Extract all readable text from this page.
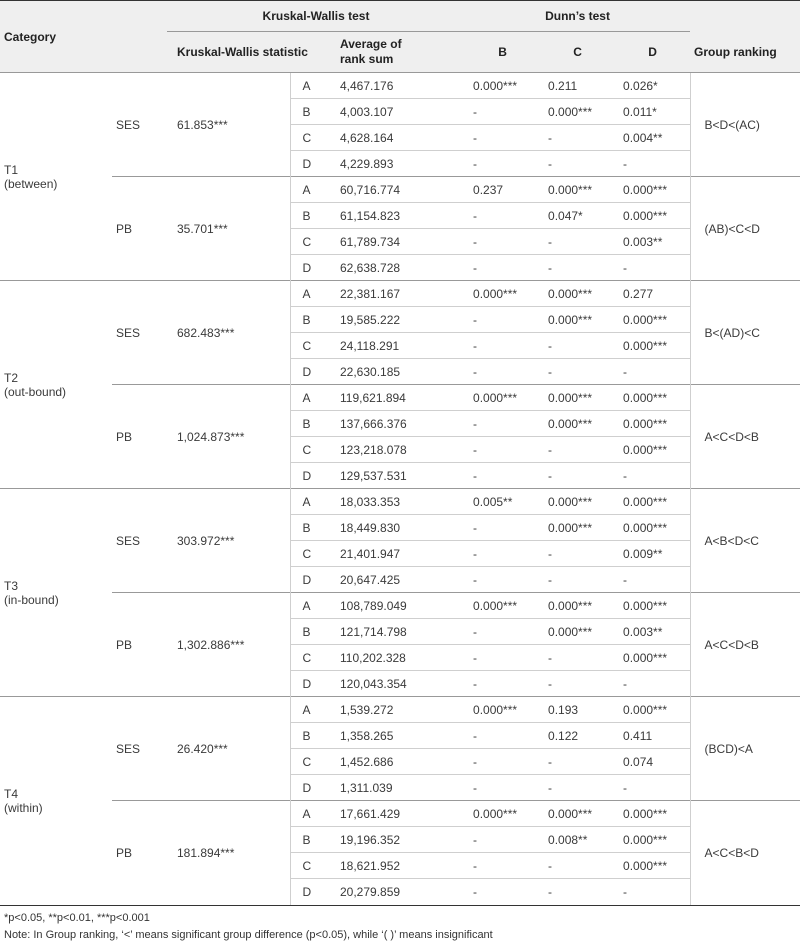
Category		Kruskal-Wallis test			Dunn’s test			
		Kruskal-Wallis statistic		Average of
rank sum	B	C	D	Group ranking

T1
(between)	SES	61.853***	A	4,467.176	0.000***	0.211	0.026*	B<D<(AC)
			B	4,003.107	-	0.000***	0.011*	
			C	4,628.164	-	-	0.004**	
			D	4,229.893	-	-	-	
	PB	35.701***	A	60,716.774	0.237	0.000***	0.000***	(AB)<C<D
			B	61,154.823	-	0.047*	0.000***	
			C	61,789.734	-	-	0.003**	
			D	62,638.728	-	-	-	

T2
(out-bound)	SES	682.483***	A	22,381.167	0.000***	0.000***	0.277	B<(AD)<C
			B	19,585.222	-	0.000***	0.000***	
			C	24,118.291	-	-	0.000***	
			D	22,630.185	-	-	-	
	PB	1,024.873***	A	119,621.894	0.000***	0.000***	0.000***	A<C<D<B
			B	137,666.376	-	0.000***	0.000***	
			C	123,218.078	-	-	0.000***	
			D	129,537.531	-	-	-	

T3
(in-bound)	SES	303.972***	A	18,033.353	0.005**	0.000***	0.000***	A<B<D<C
			B	18,449.830	-	0.000***	0.000***	
			C	21,401.947	-	-	0.009**	
			D	20,647.425	-	-	-	
	PB	1,302.886***	A	108,789.049	0.000***	0.000***	0.000***	A<C<D<B
			B	121,714.798	-	0.000***	0.003**	
			C	110,202.328	-	-	0.000***	
			D	120,043.354	-	-	-	

T4
(within)	SES	26.420***	A	1,539.272	0.000***	0.193	0.000***	(BCD)<A
			B	1,358.265	-	0.122	0.411	
			C	1,452.686	-	-	0.074	
			D	1,311.039	-	-	-	
	PB	181.894***	A	17,661.429	0.000***	0.000***	0.000***	A<C<B<D
			B	19,196.352	-	0.008**	0.000***	
			C	18,621.952	-	-	0.000***	
			D	20,279.859	-	-	-	
*p<0.05, **p<0.01, ***p<0.001
Note: In Group ranking, ‘<’ means significant group difference (p<0.05), while ‘( )’ means insignificant
